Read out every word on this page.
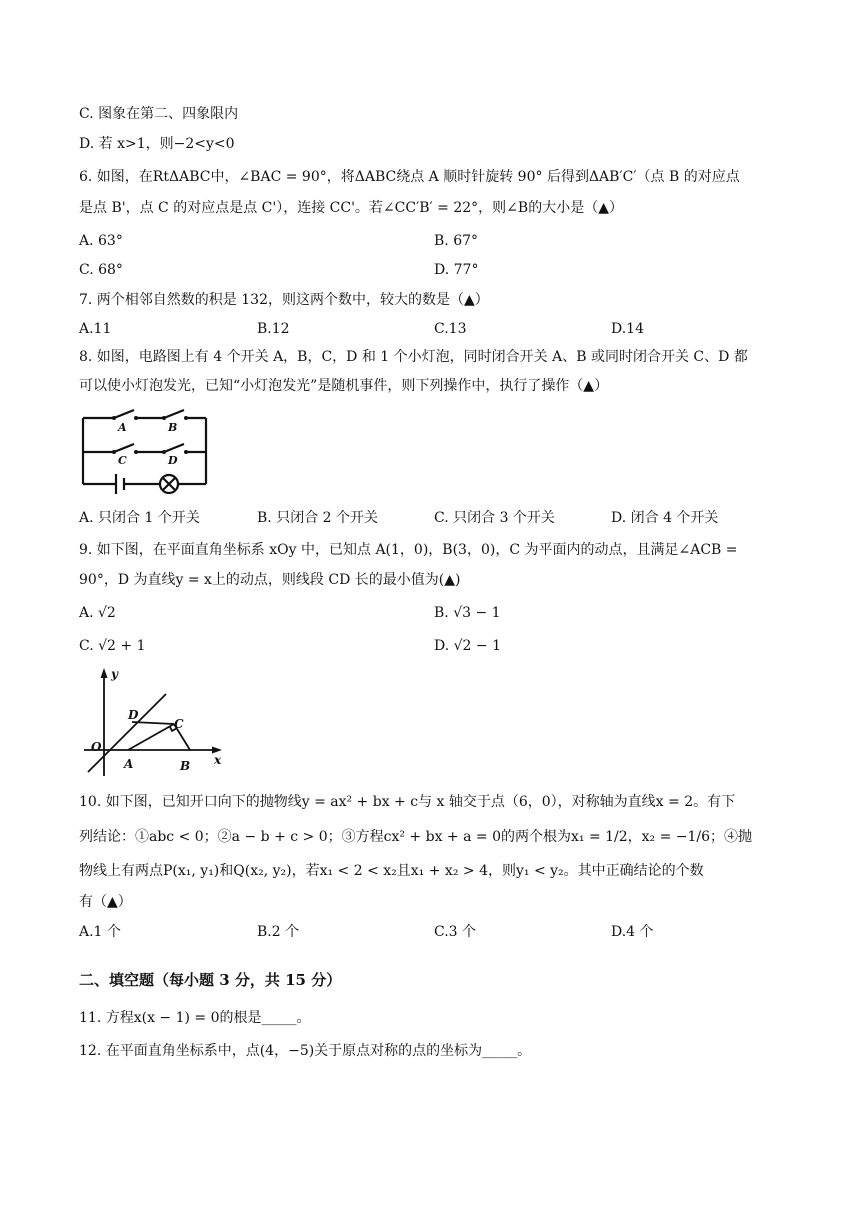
C. 图象在第二、四象限内
D. 若 x>1，则−2<y<0
6. 如图，在RtΔABC中，∠BAC = 90°，将ΔABC绕点 A 顺时针旋转 90° 后得到ΔAB′C′（点 B 的对应点
是点 B'，点 C 的对应点是点 C'），连接 CC'。若∠CC′B′ = 22°，则∠B的大小是（▲）
A. 63°	B. 67°
C. 68°	D. 77°
7. 两个相邻自然数的积是 132，则这两个数中，较大的数是（▲）
A.11	B.12	C.13	D.14
8. 如图，电路图上有 4 个开关 A，B，C，D 和 1 个小灯泡，同时闭合开关 A、B 或同时闭合开关 C、D 都
可以使小灯泡发光，已知“小灯泡发光”是随机事件，则下列操作中，执行了操作（▲）
A	B
C	D
A. 只闭合 1 个开关	B. 只闭合 2 个开关	C. 只闭合 3 个开关	D. 闭合 4 个开关
9. 如下图，在平面直角坐标系 xOy 中，已知点 A(1，0)，B(3，0)，C 为平面内的动点，且满足∠ACB =
90°，D 为直线y = x上的动点，则线段 CD 长的最小值为(▲)
A. √2	B. √3 − 1
C. √2 + 1	D. √2 − 1
y
x
O
A	B
C
D
10. 如下图，已知开口向下的抛物线y = ax² + bx + c与 x 轴交于点（6，0），对称轴为直线x = 2。有下
列结论：①abc < 0；②a − b + c > 0；③方程cx² + bx + a = 0的两个根为x₁ = 1/2，x₂ = −1/6；④抛
物线上有两点P(x₁, y₁)和Q(x₂, y₂)，若x₁ < 2 < x₂且x₁ + x₂ > 4，则y₁ < y₂。其中正确结论的个数
有（▲）
A.1 个	B.2 个	C.3 个	D.4 个
二、填空题（每小题 3 分，共 15 分）
11. 方程x(x − 1) = 0的根是_____。
12. 在平面直角坐标系中，点(4，−5)关于原点对称的点的坐标为_____。
